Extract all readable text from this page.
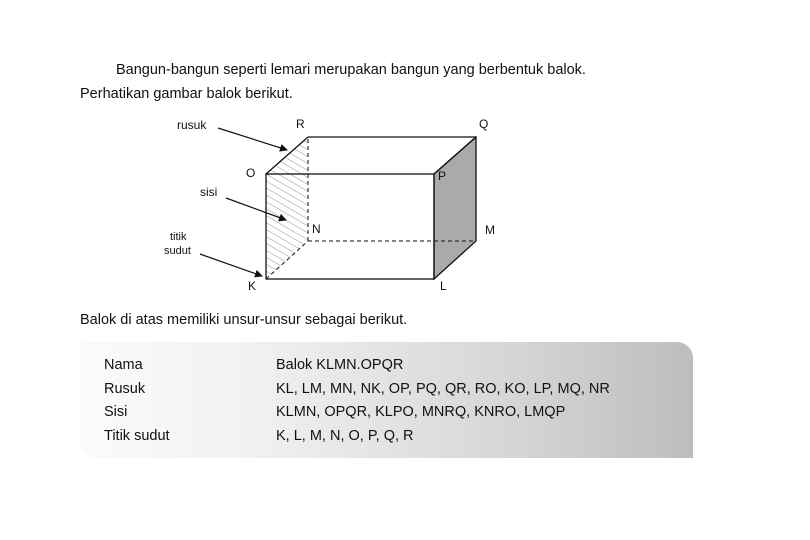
Bangun-bangun seperti lemari merupakan bangun yang berbentuk balok.
Perhatikan gambar balok berikut.
R	Q
O	P
N	M
K	L
rusuk
sisi
titik
sudut
Balok di atas memiliki unsur-unsur sebagai berikut.
Nama	Balok KLMN.OPQR
Rusuk	KL, LM, MN, NK, OP, PQ, QR, RO, KO, LP, MQ, NR
Sisi	KLMN, OPQR, KLPO, MNRQ, KNRO, LMQP
Titik sudut	K, L, M, N, O, P, Q, R
